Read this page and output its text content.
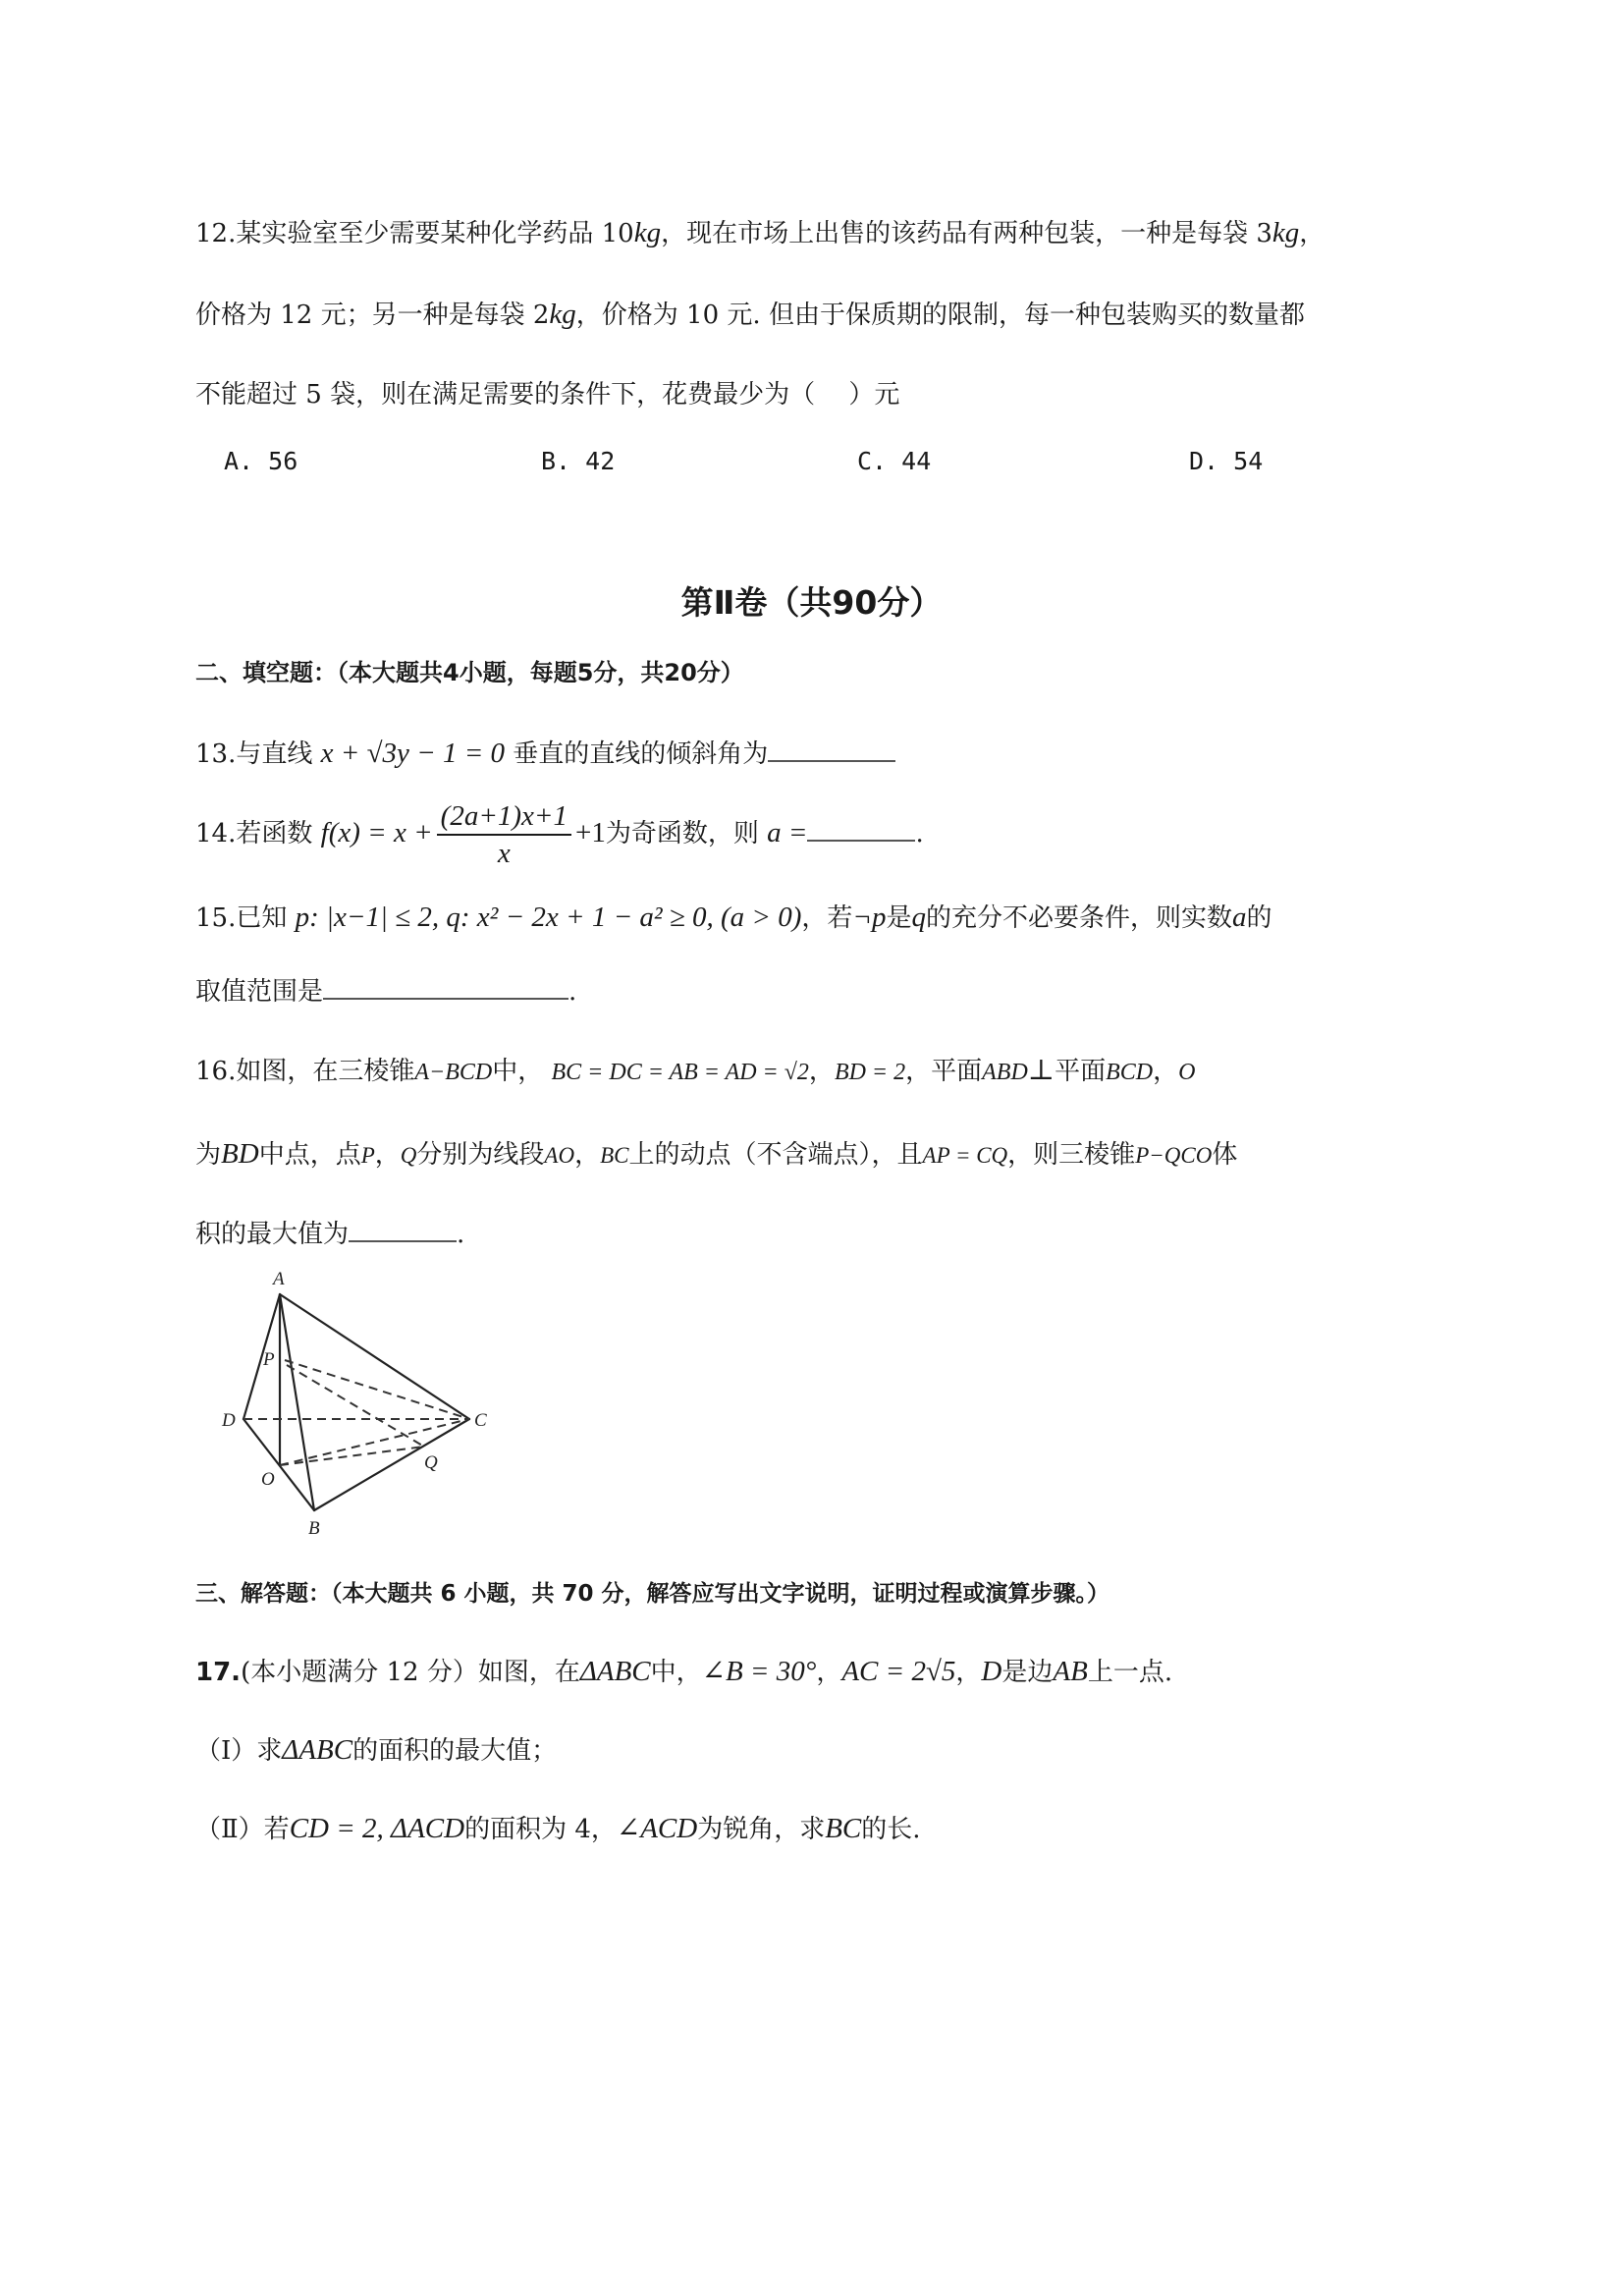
12.某实验室至少需要某种化学药品 10kg，现在市场上出售的该药品有两种包装，一种是每袋 3kg，
价格为 12 元；另一种是每袋 2kg，价格为 10 元. 但由于保质期的限制，每一种包装购买的数量都
不能超过 5 袋，则在满足需要的条件下，花费最少为（　 ）元
A. 56	B. 42	C. 44	D. 54
第Ⅱ卷（共90分）
二、填空题：（本大题共4小题，每题5分，共20分）
13.与直线 x + √3y − 1 = 0 垂直的直线的倾斜角为
14.若函数 $f(x) = x + \frac{(2a+1)x+1}{x} +1$为奇函数，则 a =	.
15.已知 p: |x−1| ≤ 2, q: x² − 2x + 1 − a² ≥ 0, (a > 0)，若¬p是q的充分不必要条件，则实数a的
取值范围是	.
16.如图，在三棱锥A−BCD中， BC = DC = AB = AD = √2，BD = 2，平面ABD⊥平面BCD，O
为BD中点，点P，Q分别为线段AO，BC上的动点（不含端点），且AP = CQ，则三棱锥P−QCO体
积的最大值为	.
A
P
D	C
O
Q
B
三、解答题：（本大题共 6 小题，共 70 分，解答应写出文字说明，证明过程或演算步骤。）
17.(本小题满分 12 分）如图，在ΔABC中，∠B = 30°，AC = 2√5，D是边AB上一点.
（Ⅰ）求ΔABC的面积的最大值；
（Ⅱ）若CD = 2, ΔACD的面积为 4，∠ACD为锐角，求BC的长.
